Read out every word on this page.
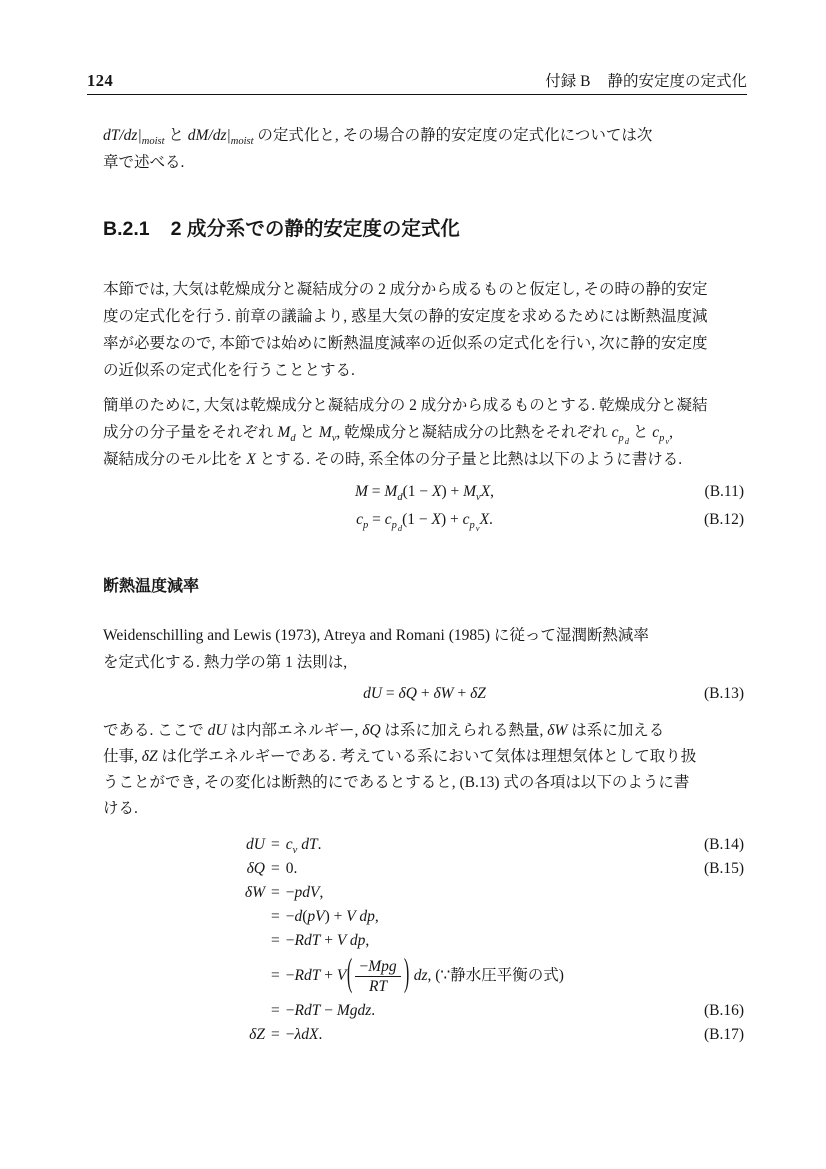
124	付録 B 静的安定度の定式化
$dT/dz|_{moist}$ と $dM/dz|_{moist}$ の定式化と, その場合の静的安定度の定式化については次
章で述べる.
B.2.1 2 成分系での静的安定度の定式化
本節では, 大気は乾燥成分と凝結成分の 2 成分から成るものと仮定し, その時の静的安定
度の定式化を行う. 前章の議論より, 惑星大気の静的安定度を求めるためには断熱温度減
率が必要なので, 本節では始めに断熱温度減率の近似系の定式化を行い, 次に静的安定度
の近似系の定式化を行うこととする.
簡単のために, 大気は乾燥成分と凝結成分の 2 成分から成るものとする. 乾燥成分と凝結
成分の分子量をそれぞれ $M_d$ と $M_v$, 乾燥成分と凝結成分の比熱をそれぞれ $c_{pd}$ と $c_{pv}$,
凝結成分のモル比を X とする. その時, 系全体の分子量と比熱は以下のように書ける.
$M = M_d(1 - X) + M_vX$,	(B.11)
$c_p = c_{pd}(1 - X) + c_{pv}X$.	(B.12)
断熱温度減率
Weidenschilling and Lewis (1973), Atreya and Romani (1985) に従って湿潤断熱減率
を定式化する. 熱力学の第 1 法則は,
dU = δQ + δW + δZ	(B.13)
である. ここで dU は内部エネルギー, δQ は系に加えられる熱量, δW は系に加える
仕事, δZ は化学エネルギーである. 考えている系において気体は理想気体として取り扱
うことができ, その変化は断熱的にであるとすると, (B.13) 式の各項は以下のように書
ける.
dU = $c_v$ dT.	(B.14)
δQ = 0.	(B.15)
δW = −pdV,
= −d(pV) + V dp,
= −RdT + V dp,
= $-RdT + V( \frac{\text{−Mpg}}{RT}$ ) dz, (∵静水圧平衡の式)
= −RdT − Mgdz.	(B.16)
δZ = −λdX.	(B.17)
